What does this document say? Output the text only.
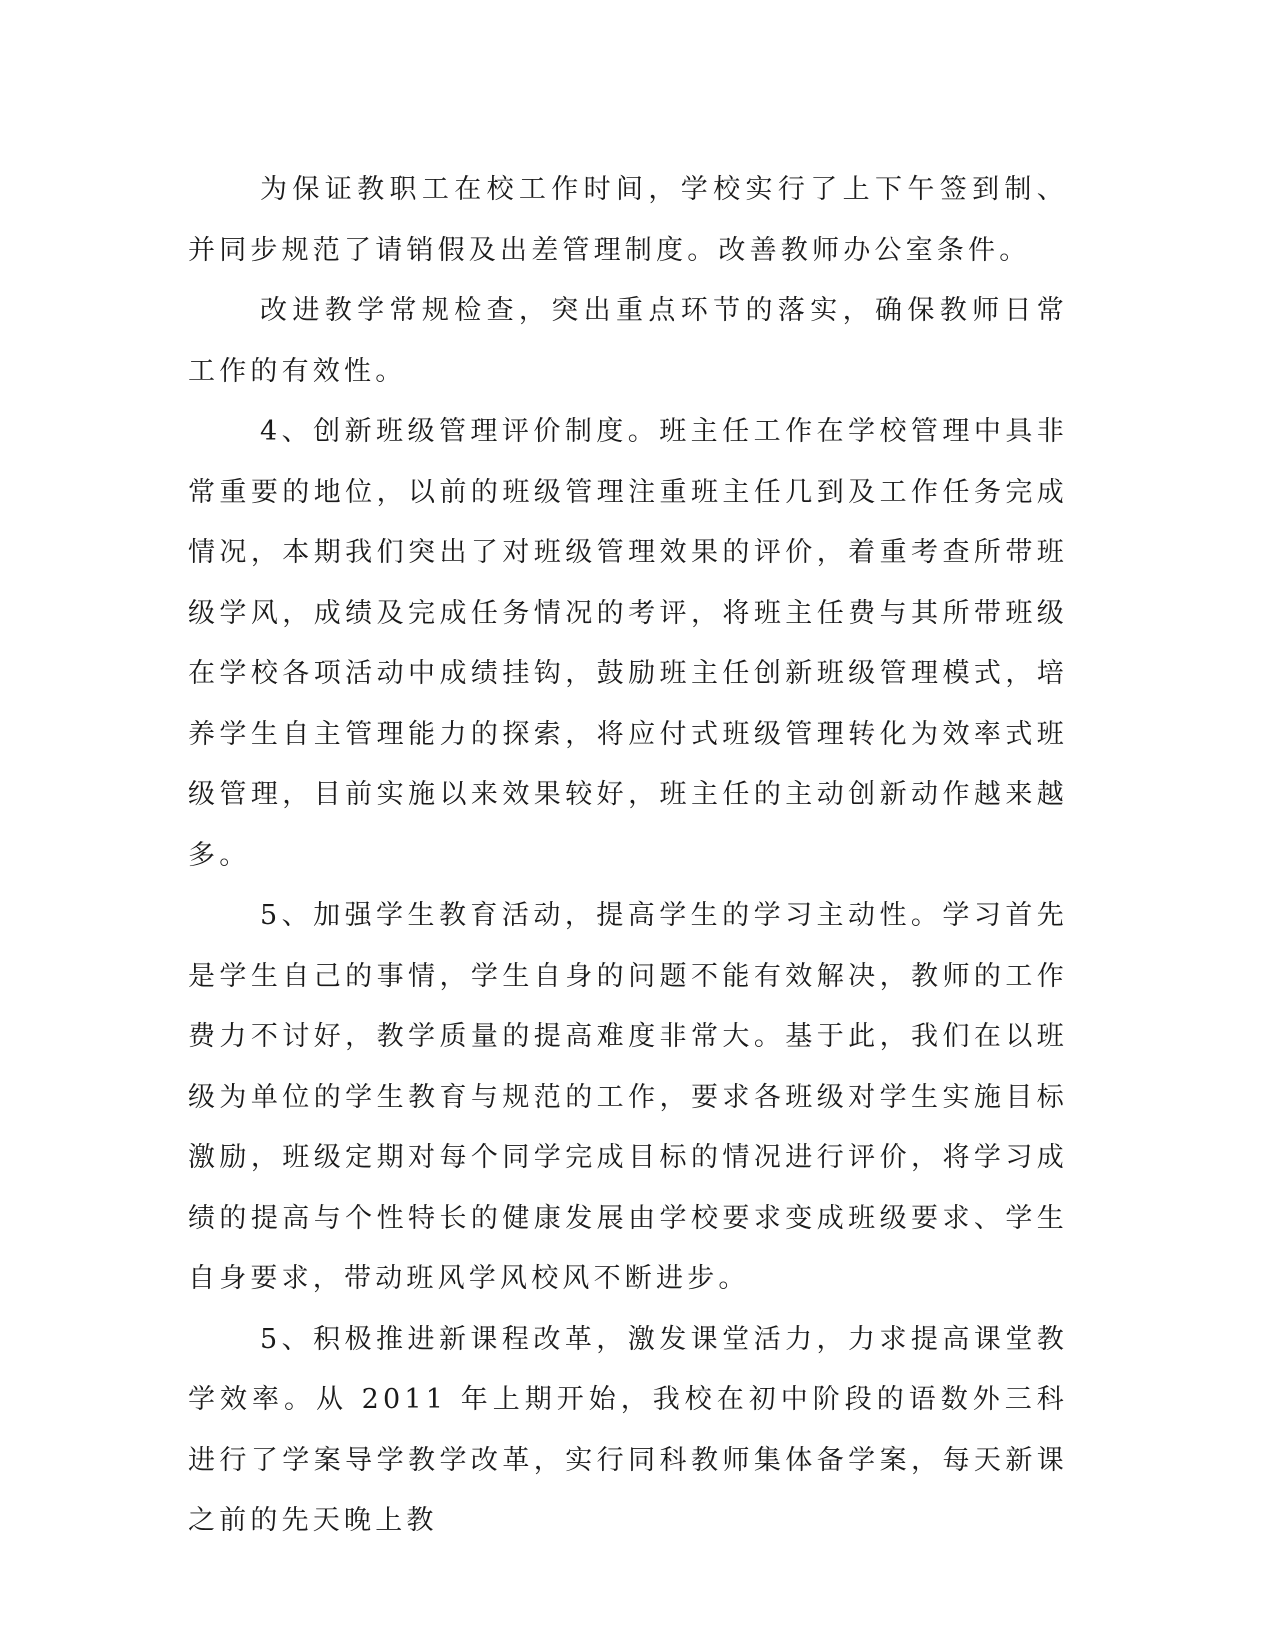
为保证教职工在校工作时间，学校实行了上下午签到制、并同步规范了请销假及出差管理制度。改善教师办公室条件。

改进教学常规检查，突出重点环节的落实，确保教师日常工作的有效性。

4、创新班级管理评价制度。班主任工作在学校管理中具非常重要的地位，以前的班级管理注重班主任几到及工作任务完成情况，本期我们突出了对班级管理效果的评价，着重考查所带班级学风，成绩及完成任务情况的考评，将班主任费与其所带班级在学校各项活动中成绩挂钩，鼓励班主任创新班级管理模式，培养学生自主管理能力的探索，将应付式班级管理转化为效率式班级管理，目前实施以来效果较好，班主任的主动创新动作越来越多。

5、加强学生教育活动，提高学生的学习主动性。学习首先是学生自己的事情，学生自身的问题不能有效解决，教师的工作费力不讨好，教学质量的提高难度非常大。基于此，我们在以班级为单位的学生教育与规范的工作，要求各班级对学生实施目标激励，班级定期对每个同学完成目标的情况进行评价，将学习成绩的提高与个性特长的健康发展由学校要求变成班级要求、学生自身要求，带动班风学风校风不断进步。

5、积极推进新课程改革，激发课堂活力，力求提高课堂教学效率。从 2011 年上期开始，我校在初中阶段的语数外三科进行了学案导学教学改革，实行同科教师集体备学案，每天新课之前的先天晚上教
